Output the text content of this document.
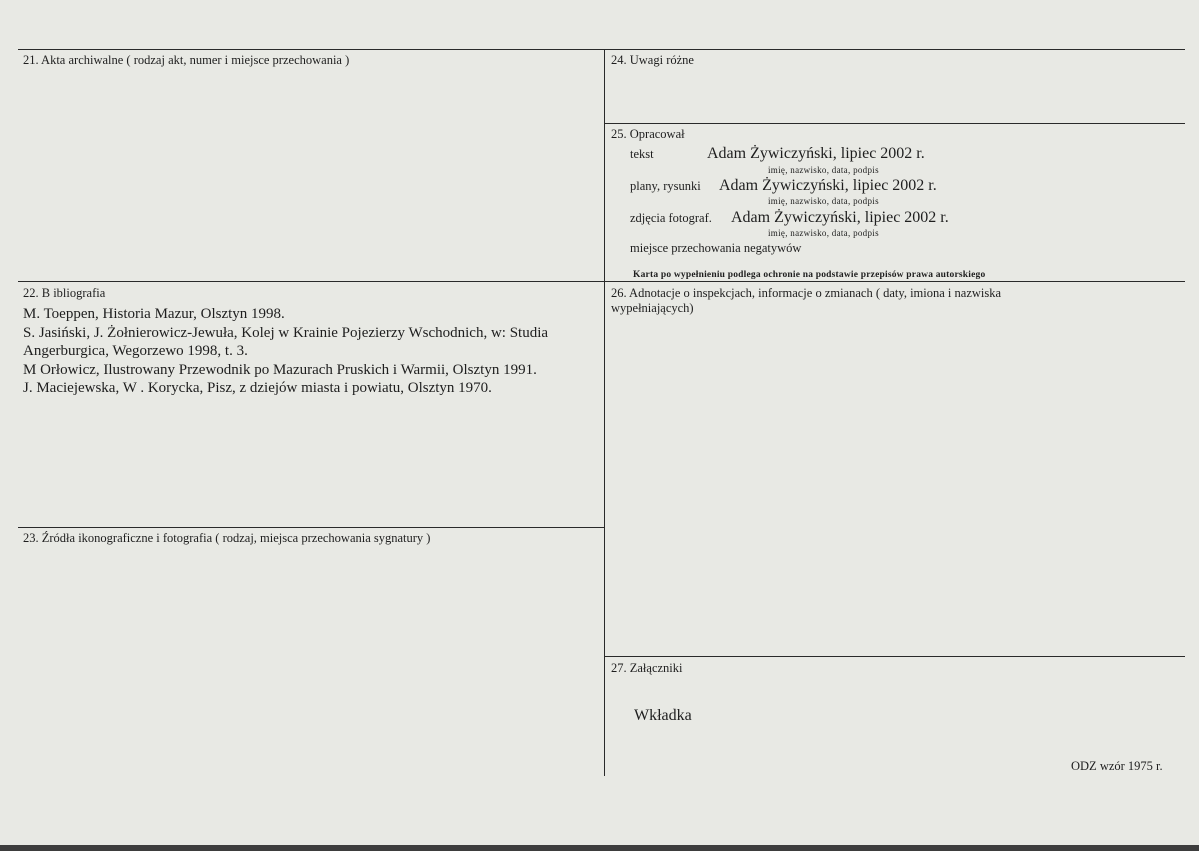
21. Akta archiwalne ( rodzaj akt, numer i miejsce przechowania )	24. Uwagi różne
25. Opracował
tekst	Adam Żywiczyński, lipiec 2002 r.
imię, nazwisko, data, podpis
plany, rysunki Adam Żywiczyński, lipiec 2002 r.
imię, nazwisko, data, podpis
zdjęcia fotograf. Adam Żywiczyński, lipiec 2002 r.
imię, nazwisko, data, podpis
miejsce przechowania negatywów
Karta po wypełnieniu podlega ochronie na podstawie przepisów prawa autorskiego
22. B ibliografia
M. Toeppen, Historia Mazur, Olsztyn 1998.
S. Jasiński, J. Żołnierowicz-Jewuła, Kolej w Krainie Pojezierzy Wschodnich, w: Studia Angerburgica, Wegorzewo 1998, t. 3.
M Orłowicz, Ilustrowany Przewodnik po Mazurach Pruskich i Warmii, Olsztyn 1991.
J. Maciejewska, W . Korycka, Pisz, z dziejów miasta i powiatu, Olsztyn 1970.
26. Adnotacje o inspekcjach, informacje o zmianach ( daty, imiona i nazwiska
wypełniających)
23. Źródła ikonograficzne i fotografia ( rodzaj, miejsca przechowania sygnatury )
27. Załączniki
Wkładka
ODZ wzór 1975 r.
